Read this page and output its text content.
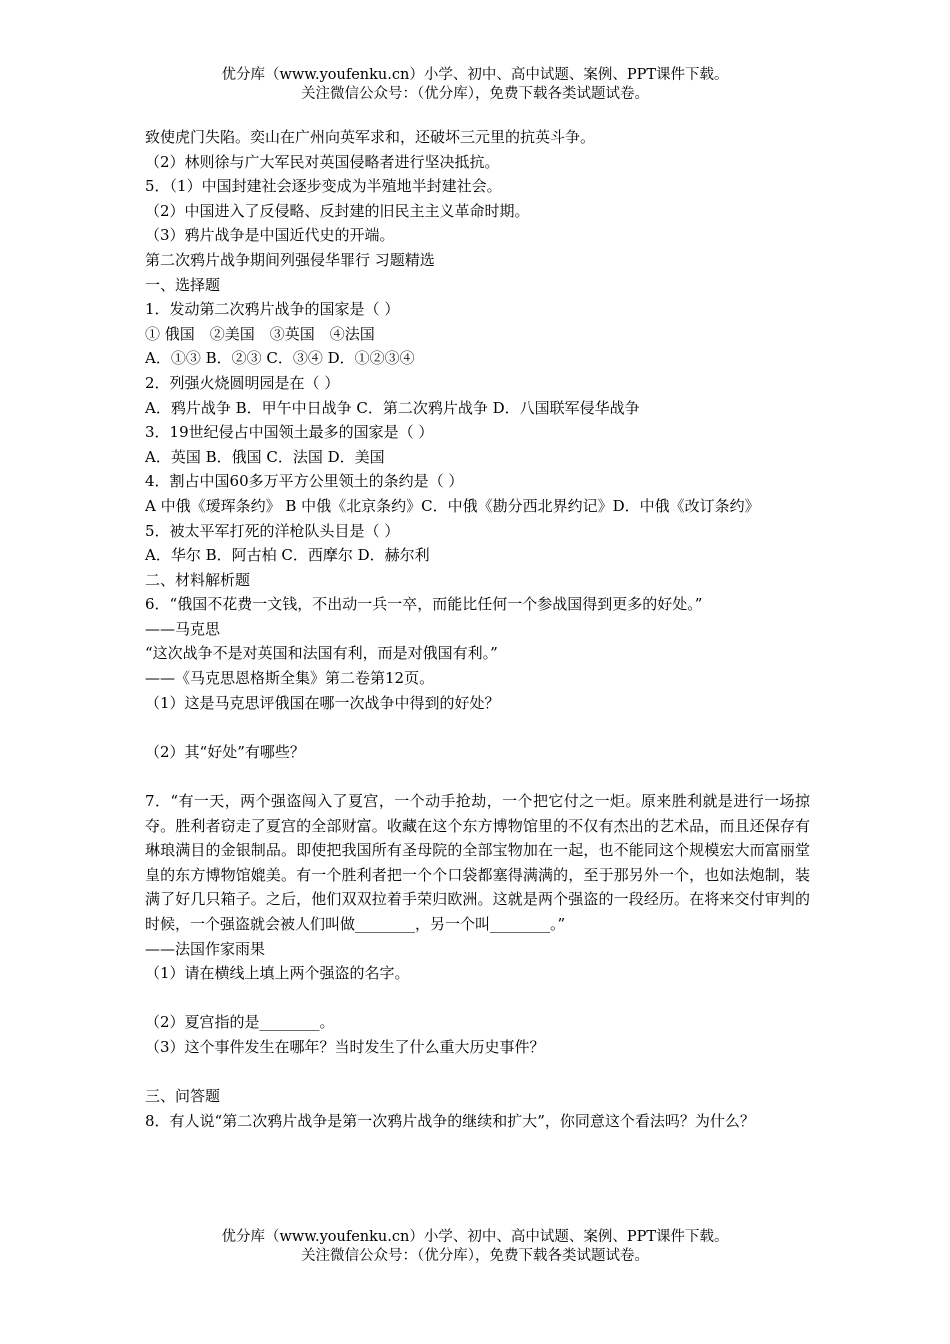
优分库（www.youfenku.cn）小学、初中、高中试题、案例、PPT课件下载。
关注微信公众号：（优分库），免费下载各类试题试卷。
致使虎门失陷。奕山在广州向英军求和，还破坏三元里的抗英斗争。
（2）林则徐与广大军民对英国侵略者进行坚决抵抗。
5．（1）中国封建社会逐步变成为半殖地半封建社会。
（2）中国进入了反侵略、反封建的旧民主主义革命时期。
（3）鸦片战争是中国近代史的开端。
第二次鸦片战争期间列强侵华罪行 习题精选
一、选择题
1．发动第二次鸦片战争的国家是（ ）
① 俄国　②美国　③英国　④法国
A．①③ B．②③ C．③④ D．①②③④
2．列强火烧圆明园是在（ ）
A．鸦片战争 B．甲午中日战争 C．第二次鸦片战争 D．八国联军侵华战争
3．19世纪侵占中国领土最多的国家是（ ）
A．英国 B．俄国 C．法国 D．美国
4．割占中国60多万平方公里领土的条约是（ ）
A 中俄《瑷珲条约》 B 中俄《北京条约》C．中俄《勘分西北界约记》D．中俄《改订条约》
5．被太平军打死的洋枪队头目是（ ）
A．华尔 B．阿古柏 C．西摩尔 D．赫尔利
二、材料解析题
6．“俄国不花费一文钱，不出动一兵一卒，而能比任何一个参战国得到更多的好处。”
——马克思
“这次战争不是对英国和法国有利，而是对俄国有利。”
——《马克思恩格斯全集》第二卷第12页。
（1）这是马克思评俄国在哪一次战争中得到的好处？
（2）其“好处”有哪些？
7．“有一天，两个强盗闯入了夏宫，一个动手抢劫，一个把它付之一炬。原来胜利就是进行一场掠夺。胜利者窃走了夏宫的全部财富。收藏在这个东方博物馆里的不仅有杰出的艺术品，而且还保存有琳琅满目的金银制品。即使把我国所有圣母院的全部宝物加在一起，也不能同这个规模宏大而富丽堂皇的东方博物馆媲美。有一个胜利者把一个个口袋都塞得满满的，至于那另外一个，也如法炮制，装满了好几只箱子。之后，他们双双拉着手荣归欧洲。这就是两个强盗的一段经历。在将来交付审判的时候，一个强盗就会被人们叫做________，另一个叫________。”
——法国作家雨果
（1）请在横线上填上两个强盗的名字。
（2）夏宫指的是________。
（3）这个事件发生在哪年？当时发生了什么重大历史事件？
三、问答题
8．有人说“第二次鸦片战争是第一次鸦片战争的继续和扩大”，你同意这个看法吗？为什么？
优分库（www.youfenku.cn）小学、初中、高中试题、案例、PPT课件下载。
关注微信公众号：（优分库），免费下载各类试题试卷。
